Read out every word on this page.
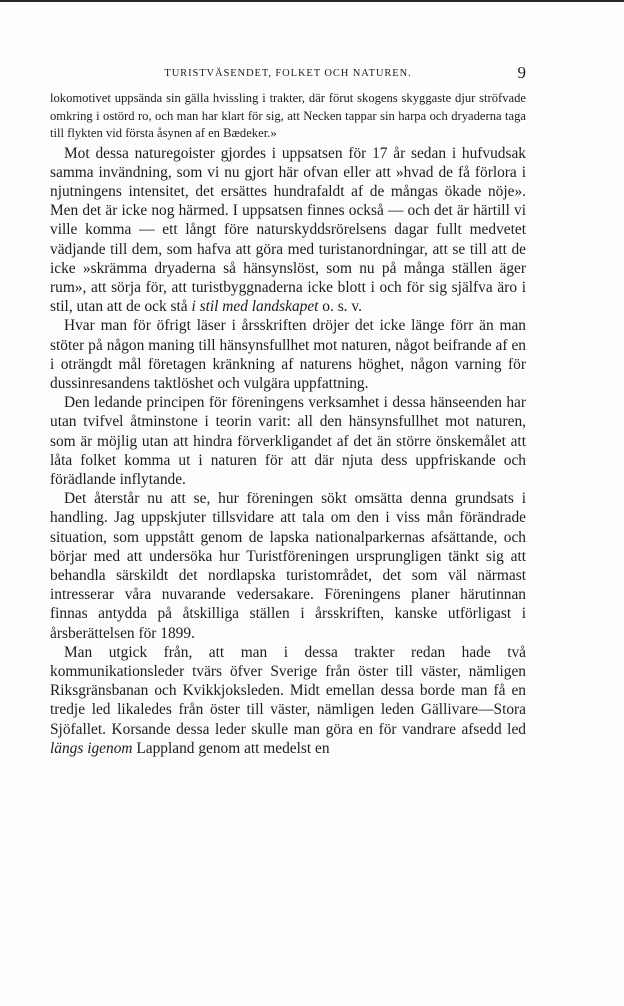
TURISTVÄSENDET, FOLKET OCH NATUREN.	9

lokomotivet uppsända sin gälla hvissling i trakter, där förut skogens skyggaste djur ströfvade omkring i ostörd ro, och man har klart för sig, att Necken tappar sin harpa och dryaderna taga till flykten vid första åsynen af en Bædeker.»

Mot dessa naturegoister gjordes i uppsatsen för 17 år sedan i hufvudsak samma invändning, som vi nu gjort här ofvan eller att »hvad de få förlora i njutningens intensitet, det ersättes hundrafaldt af de mångas ökade nöje». Men det är icke nog härmed. I uppsatsen finnes också — och det är härtill vi ville komma — ett långt före naturskyddsrörelsens dagar fullt medvetet vädjande till dem, som hafva att göra med turistanordningar, att se till att de icke »skrämma dryaderna så hänsynslöst, som nu på många ställen äger rum», att sörja för, att turistbyggnaderna icke blott i och för sig själfva äro i stil, utan att de ock stå i stil med landskapet o. s. v.

Hvar man för öfrigt läser i årsskriften dröjer det icke länge förr än man stöter på någon maning till hänsynsfullhet mot naturen, något beifrande af en i oträngdt mål företagen kränkning af naturens höghet, någon varning för dussinresandens taktlöshet och vulgära uppfattning.

Den ledande principen för föreningens verksamhet i dessa hänseenden har utan tvifvel åtminstone i teorin varit: all den hänsynsfullhet mot naturen, som är möjlig utan att hindra förverkligandet af det än större önskemålet att låta folket komma ut i naturen för att där njuta dess uppfriskande och förädlande inflytande.

Det återstår nu att se, hur föreningen sökt omsätta denna grundsats i handling. Jag uppskjuter tillsvidare att tala om den i viss mån förändrade situation, som uppstått genom de lapska nationalparkernas afsättande, och börjar med att undersöka hur Turistföreningen ursprungligen tänkt sig att behandla särskildt det nordlapska turistområdet, det som väl närmast intresserar våra nuvarande vedersakare. Föreningens planer härutinnan finnas antydda på åtskilliga ställen i årsskriften, kanske utförligast i årsberättelsen för 1899.

Man utgick från, att man i dessa trakter redan hade två kommunikationsleder tvärs öfver Sverige från öster till väster, nämligen Riksgränsbanan och Kvikkjoksleden. Midt emellan dessa borde man få en tredje led likaledes från öster till väster, nämligen leden Gällivare—Stora Sjöfallet. Korsande dessa leder skulle man göra en för vandrare afsedd led längs igenom Lappland genom att medelst en
